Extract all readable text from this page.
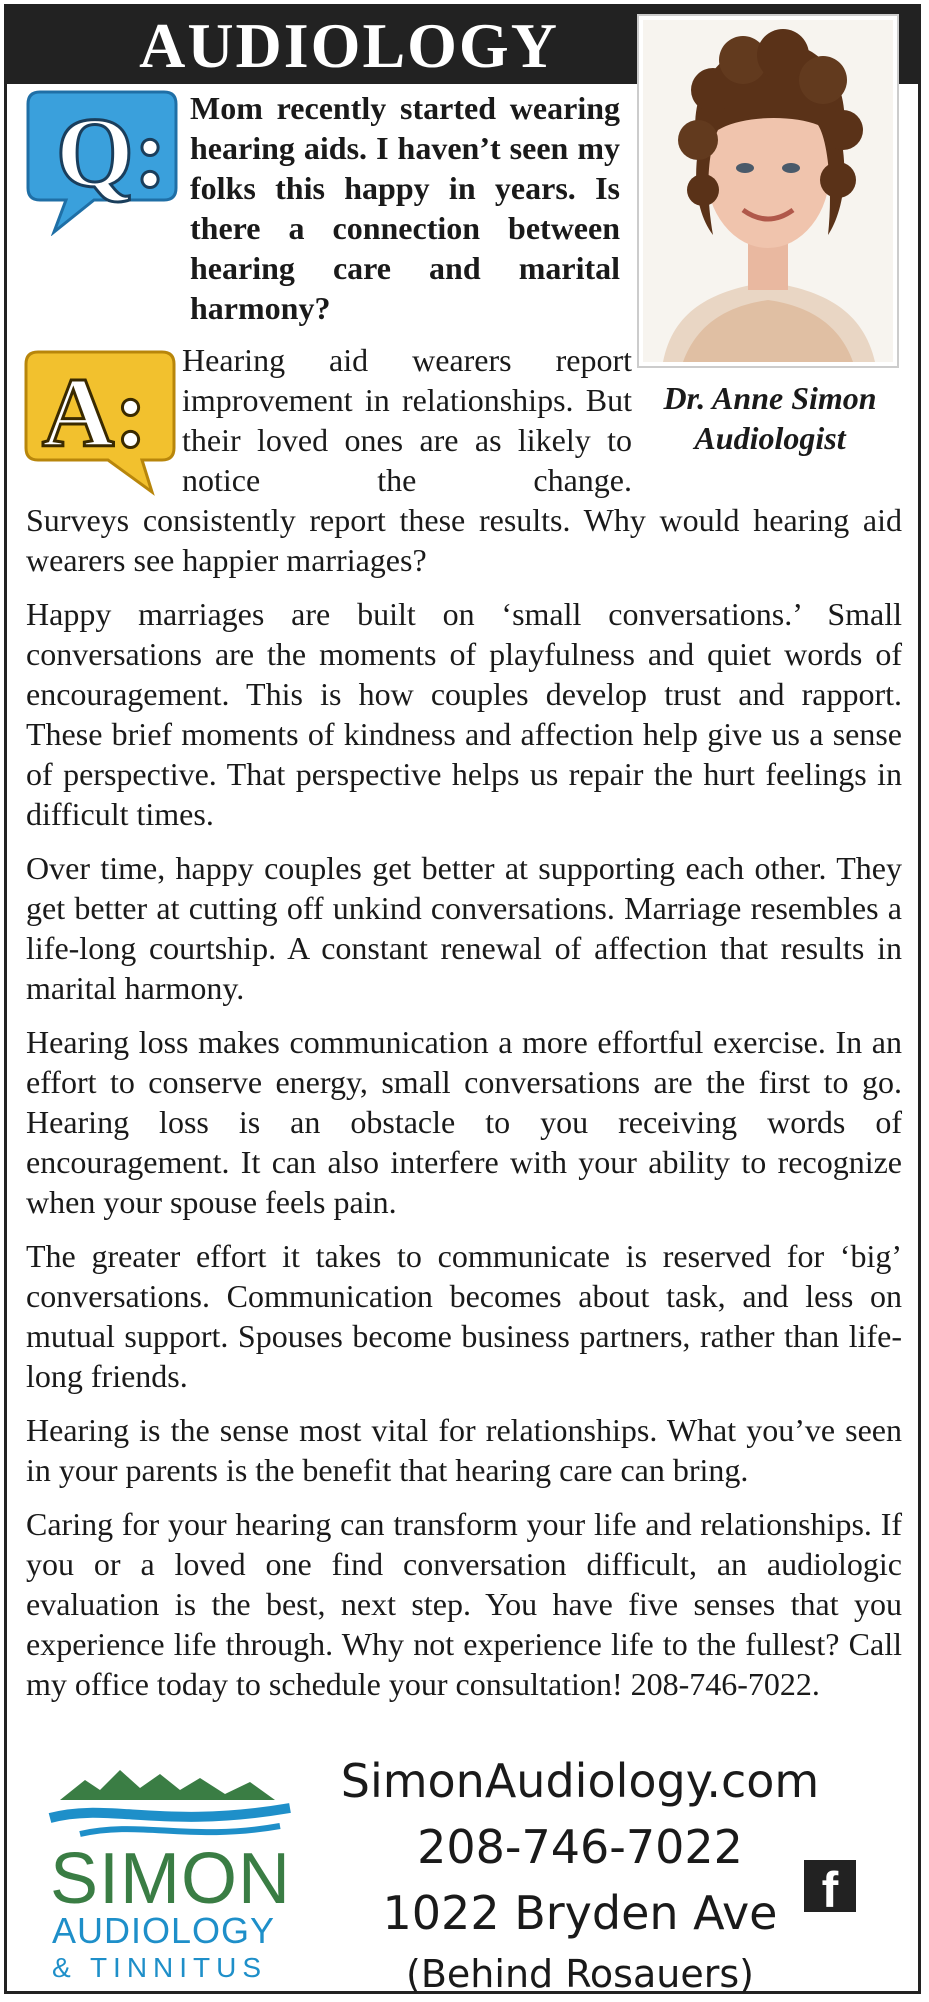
AUDIOLOGY
Dr. Anne Simon
Audiologist
Q: Mom recently started wearing hearing aids. I haven’t seen my folks this happy in years. Is there a connection between hearing care and marital harmony?
A: Hearing aid wearers report improvement in relationships. But their loved ones are as likely to notice the change.

Surveys consistently report these results. Why would hearing aid wearers see happier marriages?

Happy marriages are built on ‘small conversations.’ Small conversations are the moments of playfulness and quiet words of encouragement. This is how couples develop trust and rapport. These brief moments of kindness and affection help give us a sense of perspective. That perspective helps us repair the hurt feelings in difficult times.

Over time, happy couples get better at supporting each other. They get better at cutting off unkind conversations. Marriage resembles a life-long courtship. A constant renewal of affection that results in marital harmony.

Hearing loss makes communication a more effortful exercise. In an effort to conserve energy, small conversations are the first to go. Hearing loss is an obstacle to you receiving words of encouragement. It can also interfere with your ability to recognize when your spouse feels pain.

The greater effort it takes to communicate is reserved for ‘big’ conversations. Communication becomes about task, and less on mutual support. Spouses become business partners, rather than life-long friends.

Hearing is the sense most vital for relationships. What you’ve seen in your parents is the benefit that hearing care can bring.

Caring for your hearing can transform your life and relationships. If you or a loved one find conversation difficult, an audiologic evaluation is the best, next step. You have five senses that you experience life through. Why not experience life to the fullest? Call my office today to schedule your consultation! 208-746-7022.

SIMON
AUDIOLOGY
& TINNITUS
SimonAudiology.com
208-746-7022
1022 Bryden Ave
(Behind Rosauers)
f
